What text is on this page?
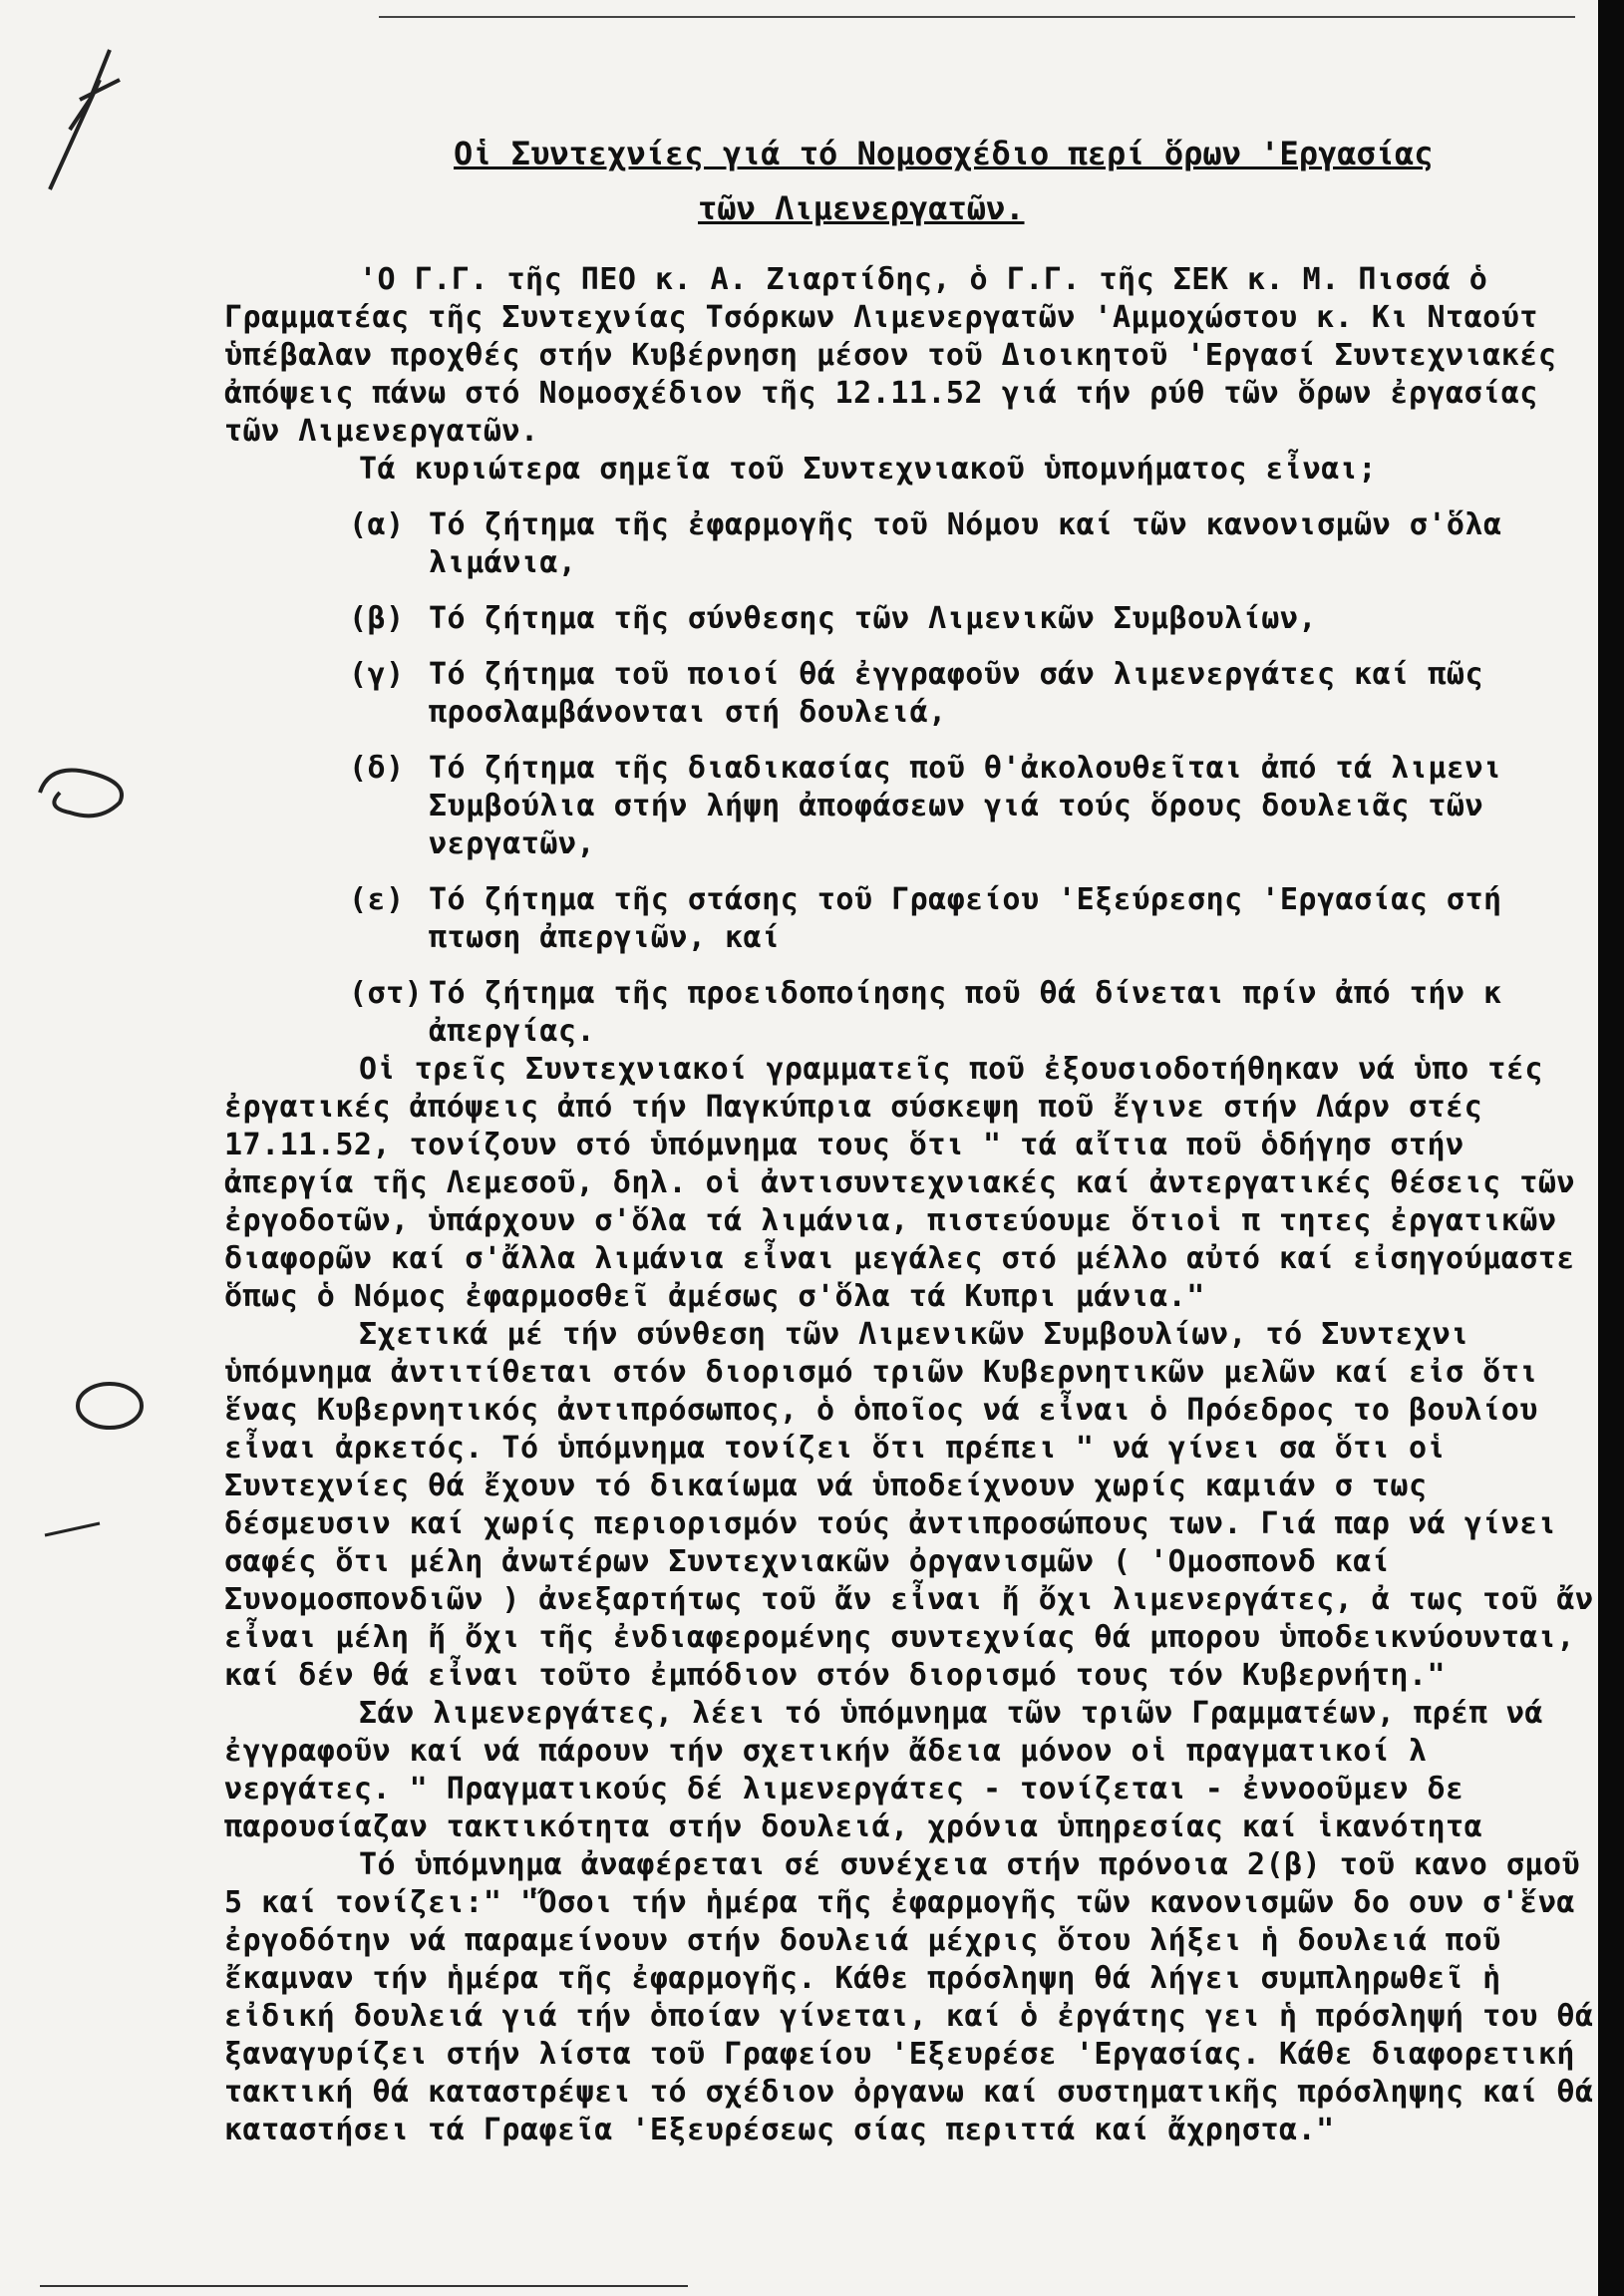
Οἱ Συντεχνίες γιά τό Νομοσχέδιο περί ὅρων 'Εργασίας
τῶν Λιμενεργατῶν.

'Ο Γ.Γ. τῆς ΠΕΟ κ. Α. Ζιαρτίδης, ὁ Γ.Γ. τῆς ΣΕΚ κ. Μ. Πισσά ὁ Γραμματέας τῆς Συντεχνίας Τσόρκων Λιμενεργατῶν 'Αμμοχώστου κ. Κι Νταούτ ὑπέβαλαν προχθές στήν Κυβέρνηση μέσον τοῦ Διοικητοῦ 'Εργασί Συντεχνιακές ἀπόψεις πάνω στό Νομοσχέδιον τῆς 12.11.52 γιά τήν ρύθ τῶν ὅρων ἐργασίας τῶν Λιμενεργατῶν.

Τά κυριώτερα σημεῖα τοῦ Συντεχνιακοῦ ὑπομνήματος εἶναι;

(α) Τό ζήτημα τῆς ἐφαρμογῆς τοῦ Νόμου καί τῶν κανονισμῶν σ'ὅλα λιμάνια,
(β) Τό ζήτημα τῆς σύνθεσης τῶν Λιμενικῶν Συμβουλίων,
(γ) Τό ζήτημα τοῦ ποιοί θά ἐγγραφοῦν σάν λιμενεργάτες καί πῶς προσλαμβάνονται στή δουλειά,
(δ) Τό ζήτημα τῆς διαδικασίας ποῦ θ'ἀκολουθεῖται ἀπό τά λιμενι Συμβούλια στήν λήψη ἀποφάσεων γιά τούς ὅρους δουλειᾶς τῶν νεργατῶν,
(ε) Τό ζήτημα τῆς στάσης τοῦ Γραφείου 'Εξεύρεσης 'Εργασίας στή πτωση ἀπεργιῶν, καί
(στ) Τό ζήτημα τῆς προειδοποίησης ποῦ θά δίνεται πρίν ἀπό τήν κ ἀπεργίας.

Οἱ τρεῖς Συντεχνιακοί γραμματεῖς ποῦ ἐξουσιοδοτήθηκαν νά ὑπο τές ἐργατικές ἀπόψεις ἀπό τήν Παγκύπρια σύσκεψη ποῦ ἔγινε στήν Λάρν στές 17.11.52, τονίζουν στό ὑπόμνημα τους ὅτι " τά αἴτια ποῦ ὁδήγησ στήν ἀπεργία τῆς Λεμεσοῦ, δηλ. οἱ ἀντισυντεχνιακές καί ἀντεργατικές θέσεις τῶν ἐργοδοτῶν, ὑπάρχουν σ'ὅλα τά λιμάνια, πιστεύουμε ὅτιοἱ π τητες ἐργατικῶν διαφορῶν καί σ'ἄλλα λιμάνια εἶναι μεγάλες στό μέλλο αὐτό καί εἰσηγούμαστε ὅπως ὁ Νόμος ἐφαρμοσθεῖ ἀμέσως σ'ὅλα τά Κυπρι μάνια."

Σχετικά μέ τήν σύνθεση τῶν Λιμενικῶν Συμβουλίων, τό Συντεχνι ὑπόμνημα ἀντιτίθεται στόν διορισμό τριῶν Κυβερνητικῶν μελῶν καί εἰσ ὅτι ἕνας Κυβερνητικός ἀντιπρόσωπος, ὁ ὁποῖος νά εἶναι ὁ Πρόεδρος το βουλίου εἶναι ἀρκετός. Τό ὑπόμνημα τονίζει ὅτι πρέπει " νά γίνει σα ὅτι οἱ Συντεχνίες θά ἔχουν τό δικαίωμα νά ὑποδείχνουν χωρίς καμιάν σ τως δέσμευσιν καί χωρίς περιορισμόν τούς ἀντιπροσώπους των. Γιά παρ νά γίνει σαφές ὅτι μέλη ἀνωτέρων Συντεχνιακῶν ὀργανισμῶν ( 'Ομοσπονδ καί Συνομοσπονδιῶν ) ἀνεξαρτήτως τοῦ ἄν εἶναι ἤ ὄχι λιμενεργάτες, ἀ τως τοῦ ἄν εἶναι μέλη ἤ ὄχι τῆς ἐνδιαφερομένης συντεχνίας θά μπορου ὑποδεικνύουνται, καί δέν θά εἶναι τοῦτο ἐμπόδιον στόν διορισμό τους τόν Κυβερνήτη."

Σάν λιμενεργάτες, λέει τό ὑπόμνημα τῶν τριῶν Γραμματέων, πρέπ νά ἐγγραφοῦν καί νά πάρουν τήν σχετικήν ἄδεια μόνον οἱ πραγματικοί λ νεργάτες. " Πραγματικούς δέ λιμενεργάτες - τονίζεται - ἐννοοῦμεν δε παρουσίαζαν τακτικότητα στήν δουλειά, χρόνια ὑπηρεσίας καί ἱκανότητα

Τό ὑπόμνημα ἀναφέρεται σέ συνέχεια στήν πρόνοια 2(β) τοῦ κανο σμοῦ 5 καί τονίζει:" "Ὅσοι τήν ἡμέρα τῆς ἐφαρμογῆς τῶν κανονισμῶν δο ουν σ'ἕνα ἐργοδότην νά παραμείνουν στήν δουλειά μέχρις ὅτου λήξει ἡ δουλειά ποῦ ἔκαμναν τήν ἡμέρα τῆς ἐφαρμογῆς. Κάθε πρόσληψη θά λήγει συμπληρωθεῖ ἡ εἰδική δουλειά γιά τήν ὁποίαν γίνεται, καί ὁ ἐργάτης γει ἡ πρόσληψή του θά ξαναγυρίζει στήν λίστα τοῦ Γραφείου 'Εξευρέσε 'Εργασίας. Κάθε διαφορετική τακτική θά καταστρέψει τό σχέδιον ὀργανω καί συστηματικῆς πρόσληψης καί θά καταστήσει τά Γραφεῖα 'Εξευρέσεως σίας περιττά καί ἄχρηστα."
